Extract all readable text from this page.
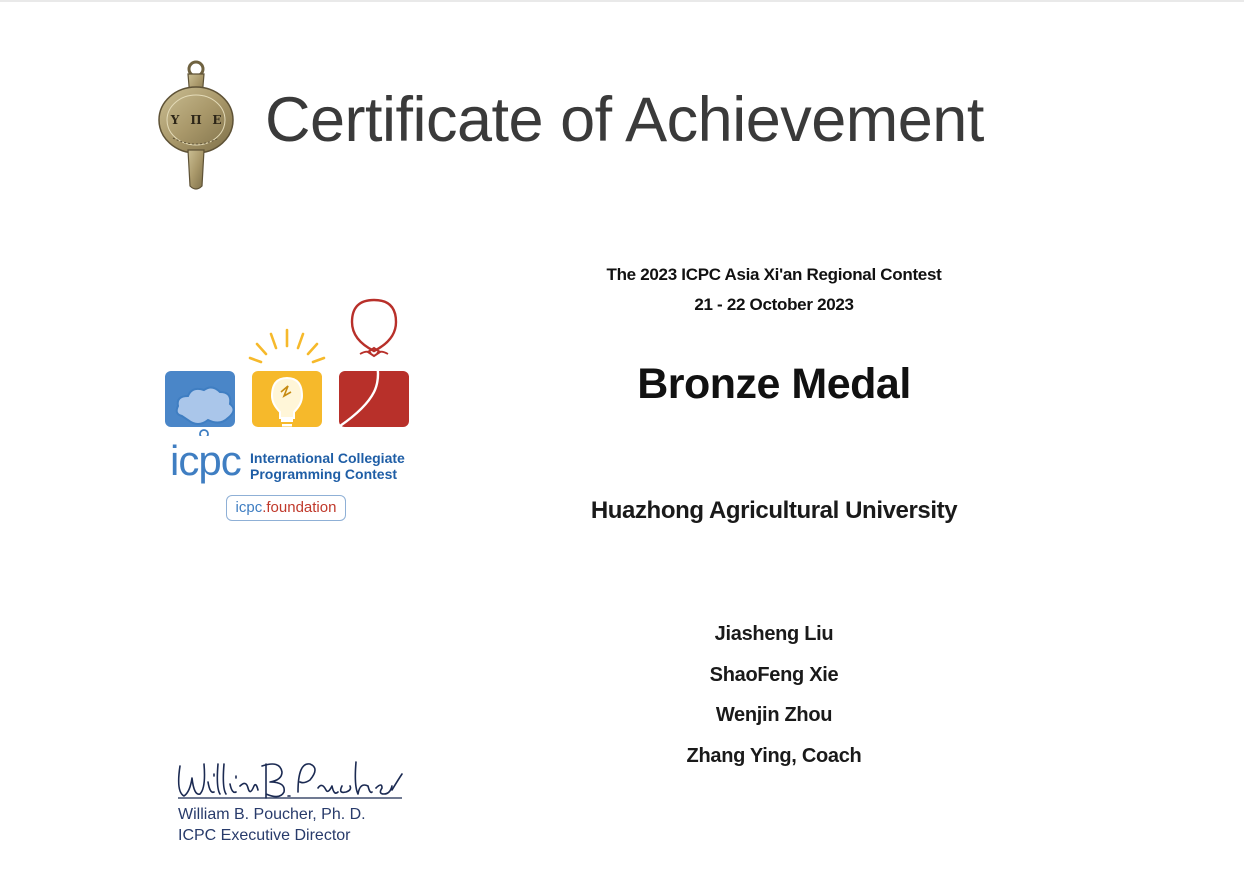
Y Π E Certificate of Achievement
icpc International Collegiate
Programming Contest
icpc.foundation
The 2023 ICPC Asia Xi'an Regional Contest
21 - 22 October 2023
Bronze Medal
Huazhong Agricultural University
Jiasheng Liu
ShaoFeng Xie
Wenjin Zhou
Zhang Ying, Coach
William B. Poucher, Ph. D.
ICPC Executive Director
